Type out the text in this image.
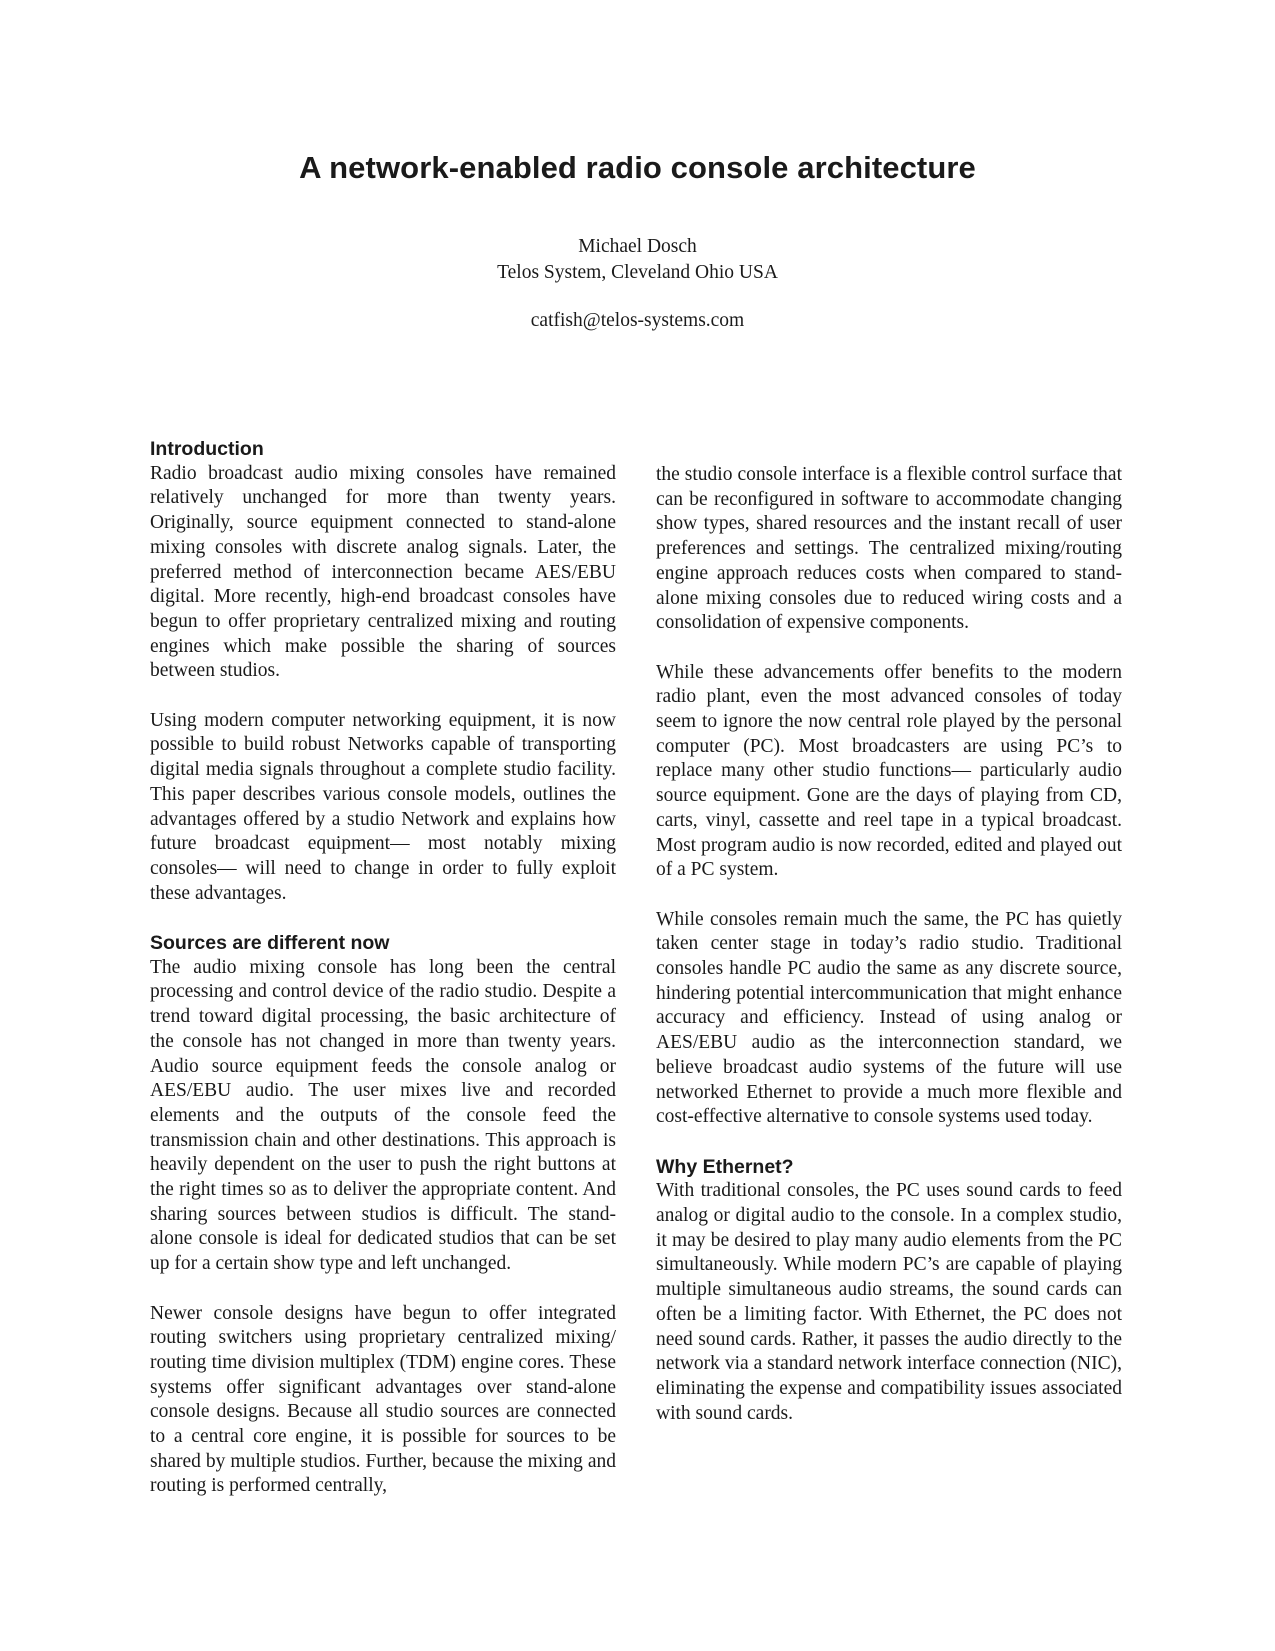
A network-enabled radio console architecture
Michael Dosch
Telos System, Cleveland Ohio USA
catfish@telos-systems.com
Introduction

Radio broadcast audio mixing consoles have remained relatively unchanged for more than twenty years. Originally, source equipment connected to stand-alone mixing consoles with discrete analog signals. Later, the preferred method of interconnection became AES/EBU digital. More recently, high-end broadcast consoles have begun to offer proprietary centralized mixing and routing engines which make possible the sharing of sources between studios.

Using modern computer networking equipment, it is now possible to build robust Networks capable of transporting digital media signals throughout a complete studio facility. This paper describes various console models, outlines the advantages offered by a studio Network and explains how future broadcast equipment— most notably mixing consoles— will need to change in order to fully exploit these advantages.

Sources are different now

The audio mixing console has long been the central processing and control device of the radio studio. Despite a trend toward digital processing, the basic architecture of the console has not changed in more than twenty years. Audio source equipment feeds the console analog or AES/EBU audio. The user mixes live and recorded elements and the outputs of the console feed the transmission chain and other destinations. This approach is heavily dependent on the user to push the right buttons at the right times so as to deliver the appropriate content. And sharing sources between studios is difficult. The stand-alone console is ideal for dedicated studios that can be set up for a certain show type and left unchanged.

Newer console designs have begun to offer integrated routing switchers using proprietary centralized mixing/ routing time division multiplex (TDM) engine cores. These systems offer significant advantages over stand-alone console designs. Because all studio sources are connected to a central core engine, it is possible for sources to be shared by multiple studios. Further, because the mixing and routing is performed centrally,

the studio console interface is a flexible control surface that can be reconfigured in software to accommodate changing show types, shared resources and the instant recall of user preferences and settings. The centralized mixing/routing engine approach reduces costs when compared to stand-alone mixing consoles due to reduced wiring costs and a consolidation of expensive components.

While these advancements offer benefits to the modern radio plant, even the most advanced consoles of today seem to ignore the now central role played by the personal computer (PC). Most broadcasters are using PC’s to replace many other studio functions— particularly audio source equipment. Gone are the days of playing from CD, carts, vinyl, cassette and reel tape in a typical broadcast. Most program audio is now recorded, edited and played out of a PC system.

While consoles remain much the same, the PC has quietly taken center stage in today’s radio studio. Traditional consoles handle PC audio the same as any discrete source, hindering potential intercommunication that might enhance accuracy and efficiency. Instead of using analog or AES/EBU audio as the interconnection standard, we believe broadcast audio systems of the future will use networked Ethernet to provide a much more flexible and cost-effective alternative to console systems used today.

Why Ethernet?

With traditional consoles, the PC uses sound cards to feed analog or digital audio to the console. In a complex studio, it may be desired to play many audio elements from the PC simultaneously. While modern PC’s are capable of playing multiple simultaneous audio streams, the sound cards can often be a limiting factor. With Ethernet, the PC does not need sound cards. Rather, it passes the audio directly to the network via a standard network interface connection (NIC), eliminating the expense and compatibility issues associated with sound cards.
